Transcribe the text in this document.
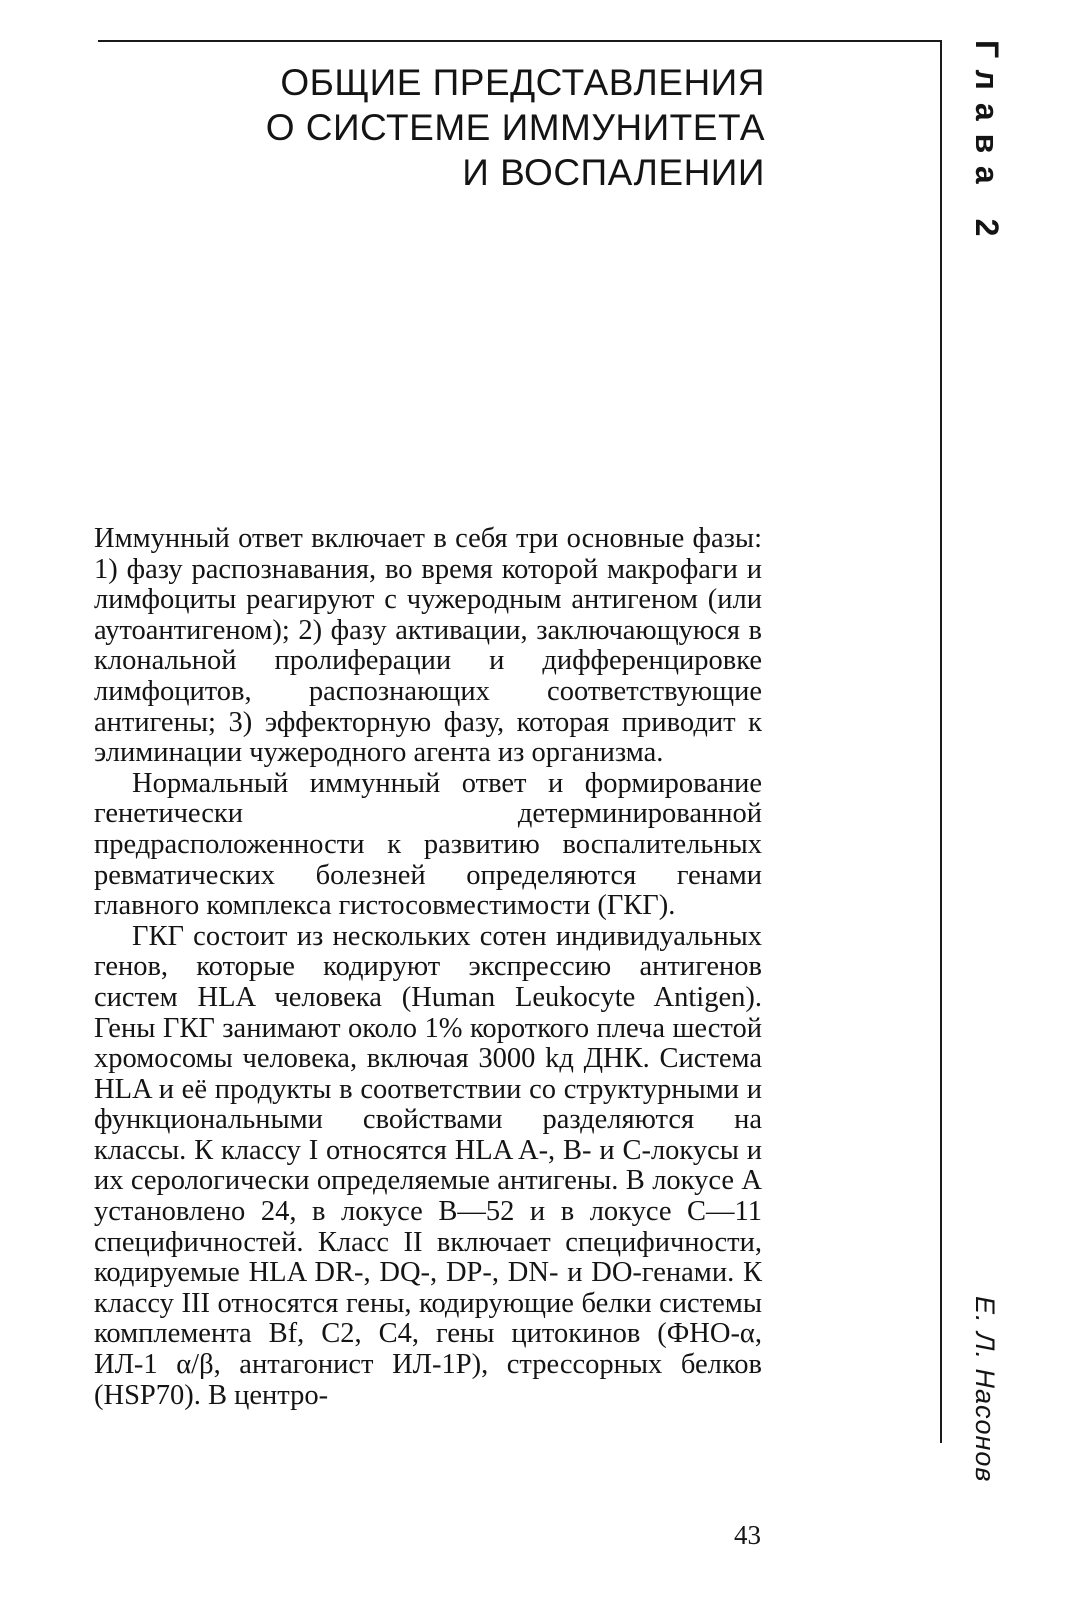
ОБЩИЕ ПРЕДСТАВЛЕНИЯ
О СИСТЕМЕ ИММУНИТЕТА
И ВОСПАЛЕНИИ	Глава 2
Е. Л. Насонов

Иммунный ответ включает в себя три основные фазы: 1) фазу распознавания, во время которой макрофаги и лимфоциты реагируют с чужеродным антигеном (или аутоантигеном); 2) фазу активации, заключающуюся в клональной пролиферации и дифференцировке лимфоцитов, распознающих соответствующие антигены; 3) эффекторную фазу, которая приводит к элиминации чужеродного агента из организма.

Нормальный иммунный ответ и формирование генетически детерминированной предрасположенности к развитию воспалительных ревматических болезней определяются генами главного комплекса гистосовместимости (ГКГ).

ГКГ состоит из нескольких сотен индивидуальных генов, которые кодируют экспрессию антигенов систем HLA человека (Human Leukocyte Antigen). Гены ГКГ занимают около 1% короткого плеча шестой хромосомы человека, включая 3000 kд ДНК. Система HLA и её продукты в соответствии со структурными и функциональными свойствами разделяются на классы. К классу I относятся HLA A-, B- и С-локусы и их серологически определяемые антигены. В локусе А установлено 24, в локусе В—52 и в локусе С—11 специфичностей. Класс II включает специфичности, кодируемые HLA DR-, DQ-, DP-, DN- и DO-генами. К классу III относятся гены, кодирующие белки системы комплемента Bf, C2, C4, гены цитокинов (ФНО-α, ИЛ-1 α/β, антагонист ИЛ-1Р), стрессорных белков (HSP70). В центро-

43
